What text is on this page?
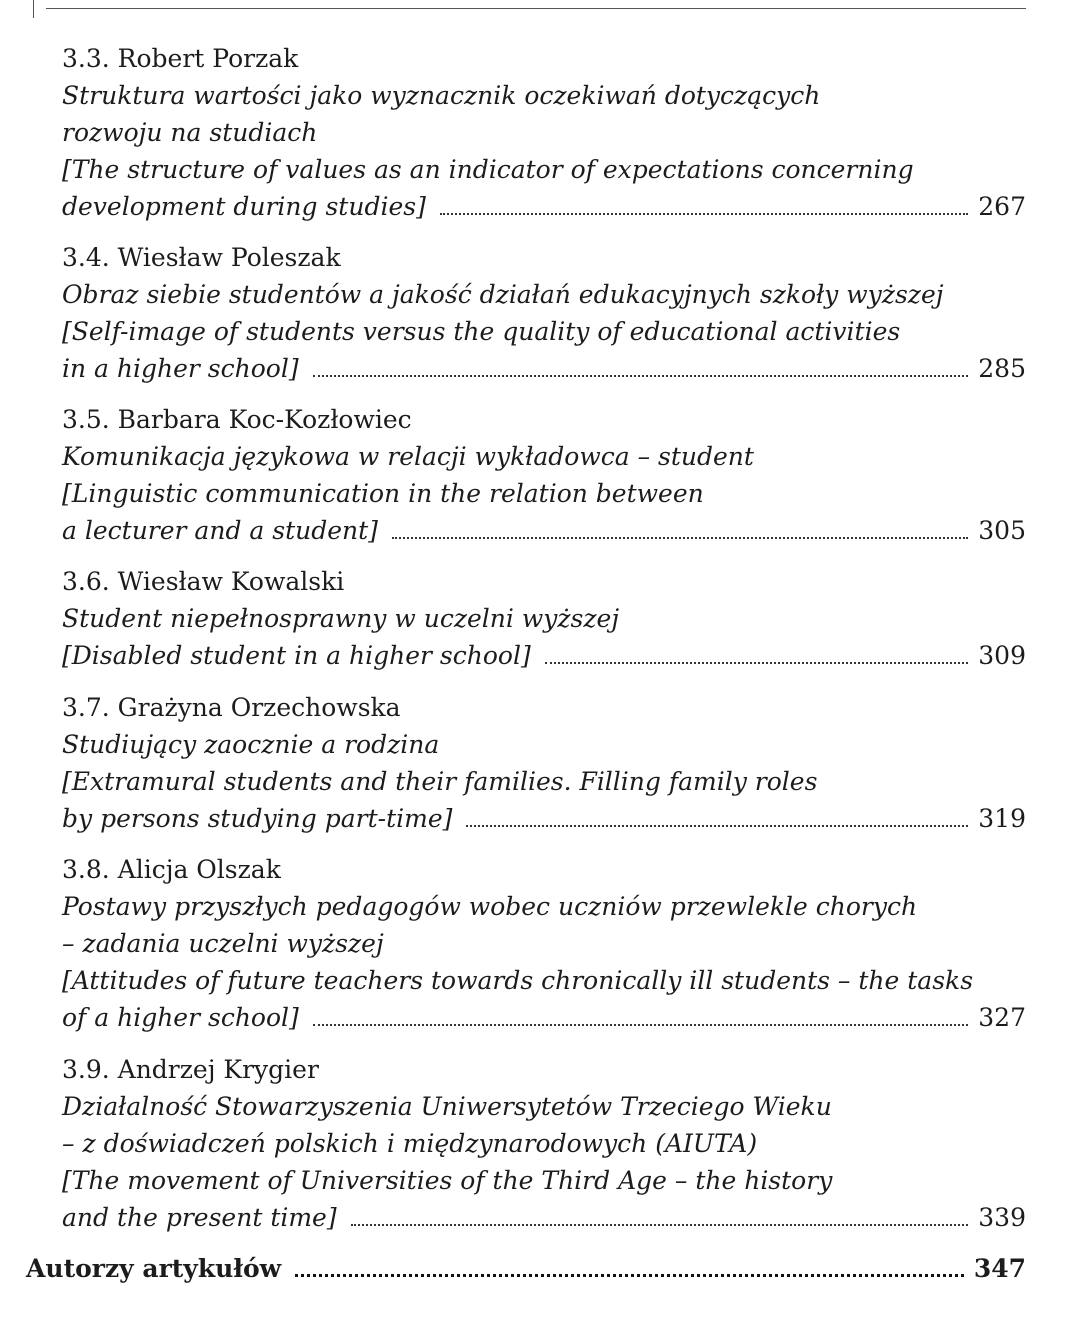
3.3. Robert Porzak
Struktura wartości jako wyznacznik oczekiwań dotyczących
rozwoju na studiach
[The structure of values as an indicator of expectations concerning
development during studies]	267
3.4. Wiesław Poleszak
Obraz siebie studentów a jakość działań edukacyjnych szkoły wyższej
[Self-image of students versus the quality of educational activities
in a higher school]	285
3.5. Barbara Koc-Kozłowiec
Komunikacja językowa w relacji wykładowca – student
[Linguistic communication in the relation between
a lecturer and a student]	305
3.6. Wiesław Kowalski
Student niepełnosprawny w uczelni wyższej
[Disabled student in a higher school]	309
3.7. Grażyna Orzechowska
Studiujący zaocznie a rodzina
[Extramural students and their families. Filling family roles
by persons studying part-time]	319
3.8. Alicja Olszak
Postawy przyszłych pedagogów wobec uczniów przewlekle chorych
– zadania uczelni wyższej
[Attitudes of future teachers towards chronically ill students – the tasks
of a higher school]	327
3.9. Andrzej Krygier
Działalność Stowarzyszenia Uniwersytetów Trzeciego Wieku
– z doświadczeń polskich i międzynarodowych (AIUTA)
[The movement of Universities of the Third Age – the history
and the present time]	339
Autorzy artykułów	347
